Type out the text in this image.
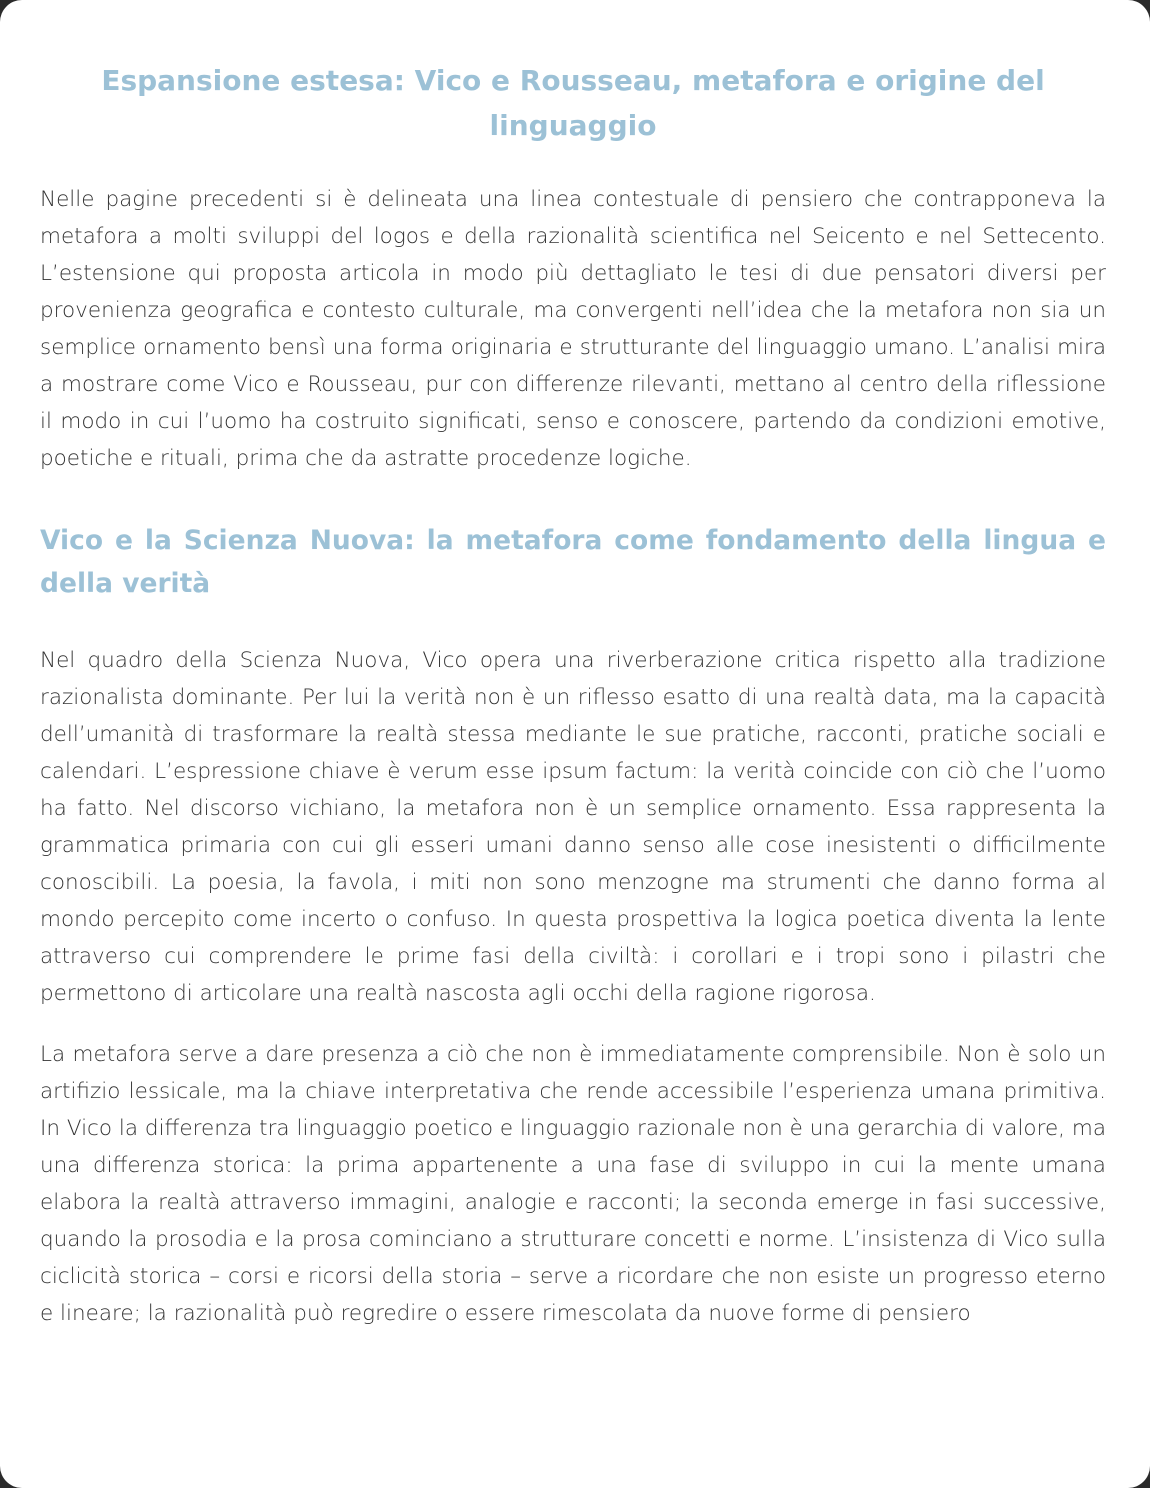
Espansione estesa: Vico e Rousseau, metafora e origine del linguaggio

Nelle pagine precedenti si è delineata una linea contestuale di pensiero che contrapponeva la metafora a molti sviluppi del logos e della razionalità scientifica nel Seicento e nel Settecento. L’estensione qui proposta articola in modo più dettagliato le tesi di due pensatori diversi per provenienza geografica e contesto culturale, ma convergenti nell’idea che la metafora non sia un semplice ornamento bensì una forma originaria e strutturante del linguaggio umano. L’analisi mira a mostrare come Vico e Rousseau, pur con differenze rilevanti, mettano al centro della riflessione il modo in cui l’uomo ha costruito significati, senso e conoscere, partendo da condizioni emotive, poetiche e rituali, prima che da astratte procedenze logiche.

Vico e la Scienza Nuova: la metafora come fondamento della lingua e della verità

Nel quadro della Scienza Nuova, Vico opera una riverberazione critica rispetto alla tradizione razionalista dominante. Per lui la verità non è un riflesso esatto di una realtà data, ma la capacità dell’umanità di trasformare la realtà stessa mediante le sue pratiche, racconti, pratiche sociali e calendari. L’espressione chiave è verum esse ipsum factum: la verità coincide con ciò che l’uomo ha fatto. Nel discorso vichiano, la metafora non è un semplice ornamento. Essa rappresenta la grammatica primaria con cui gli esseri umani danno senso alle cose inesistenti o difficilmente conoscibili. La poesia, la favola, i miti non sono menzogne ma strumenti che danno forma al mondo percepito come incerto o confuso. In questa prospettiva la logica poetica diventa la lente attraverso cui comprendere le prime fasi della civiltà: i corollari e i tropi sono i pilastri che permettono di articolare una realtà nascosta agli occhi della ragione rigorosa.

La metafora serve a dare presenza a ciò che non è immediatamente comprensibile. Non è solo un artifizio lessicale, ma la chiave interpretativa che rende accessibile l’esperienza umana primitiva. In Vico la differenza tra linguaggio poetico e linguaggio razionale non è una gerarchia di valore, ma una differenza storica: la prima appartenente a una fase di sviluppo in cui la mente umana elabora la realtà attraverso immagini, analogie e racconti; la seconda emerge in fasi successive, quando la prosodia e la prosa cominciano a strutturare concetti e norme. L’insistenza di Vico sulla ciclicità storica – corsi e ricorsi della storia – serve a ricordare che non esiste un progresso eterno e lineare; la razionalità può regredire o essere rimescolata da nuove forme di pensiero
